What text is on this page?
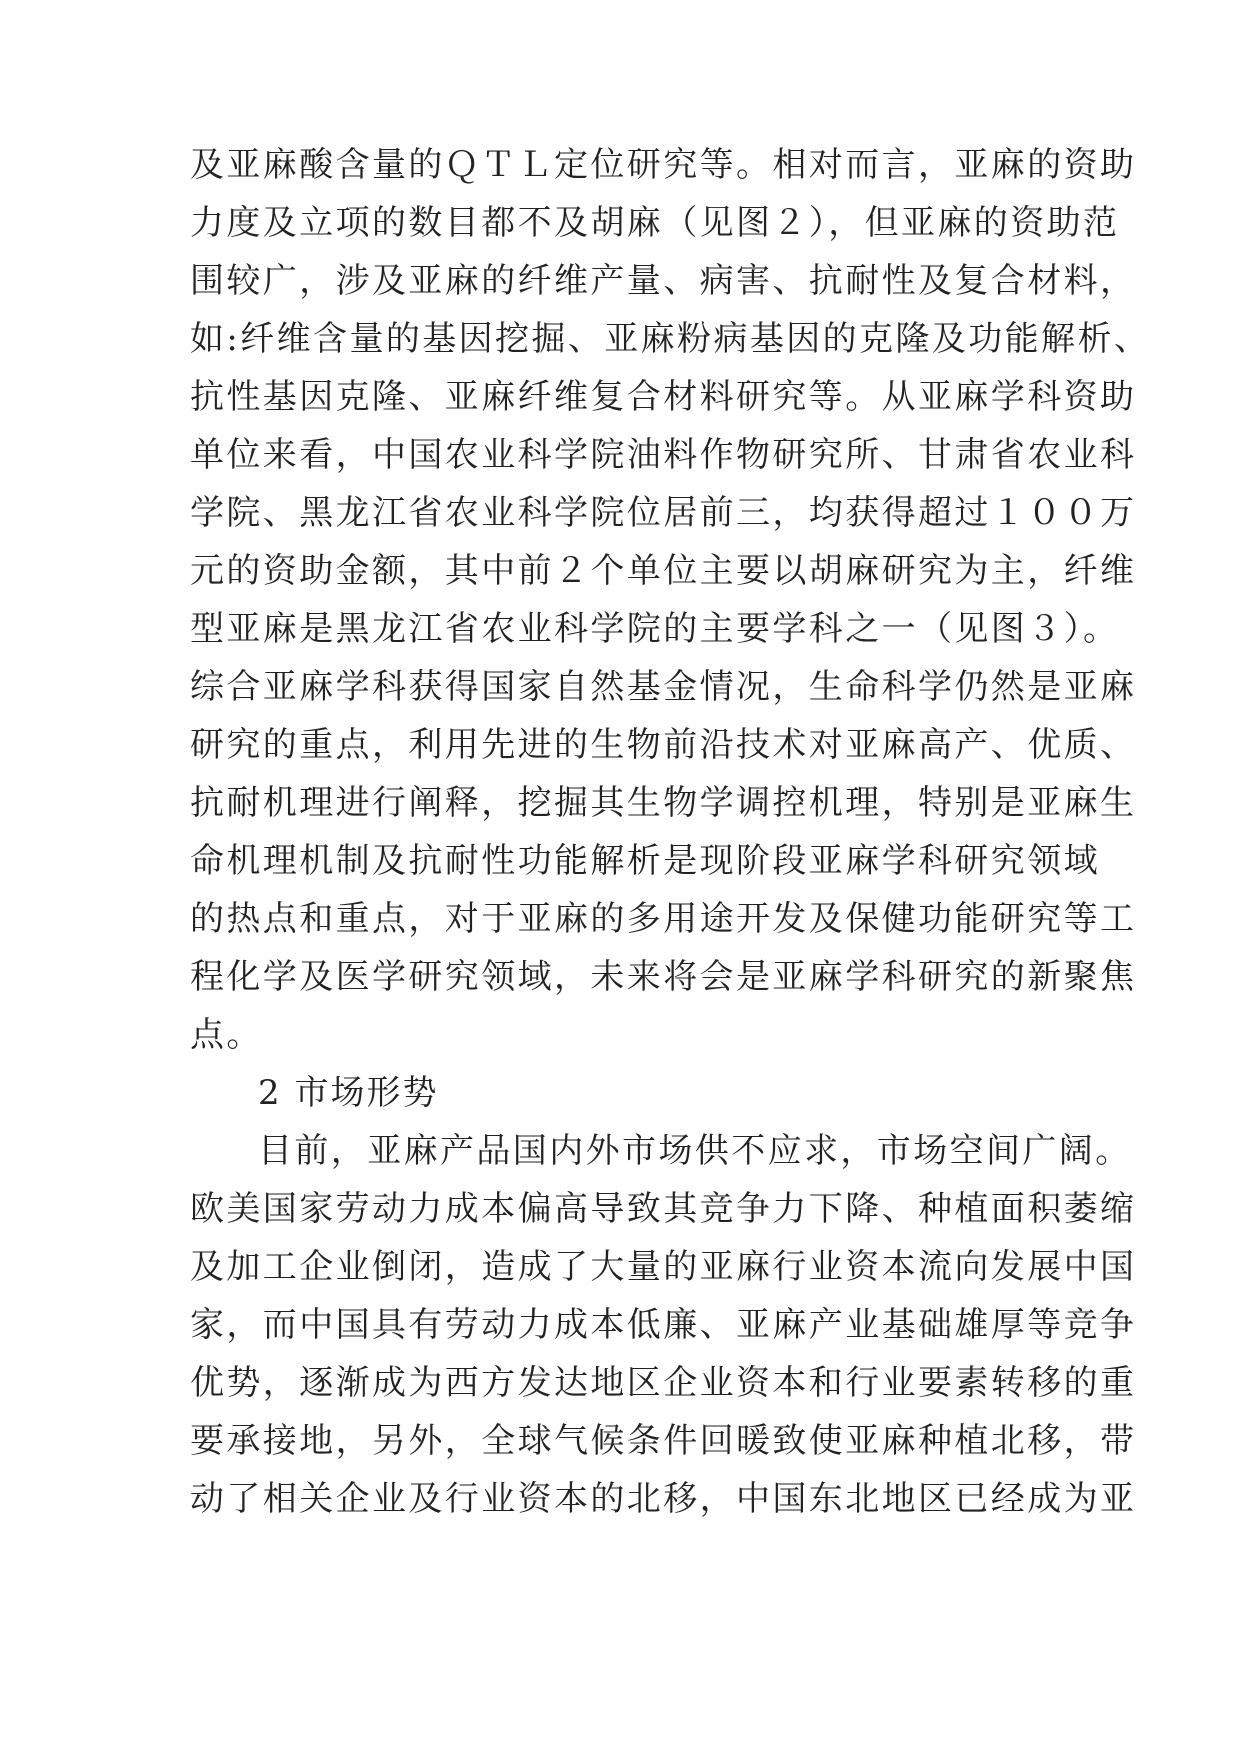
及亚麻酸含量的ＱＴＬ定位研究等。相对而言，亚麻的资助
力度及立项的数目都不及胡麻（见图２），但亚麻的资助范
围较广，涉及亚麻的纤维产量、病害、抗耐性及复合材料，
如:纤维含量的基因挖掘、亚麻粉病基因的克隆及功能解析、
抗性基因克隆、亚麻纤维复合材料研究等。从亚麻学科资助
单位来看，中国农业科学院油料作物研究所、甘肃省农业科
学院、黑龙江省农业科学院位居前三，均获得超过１００万
元的资助金额，其中前２个单位主要以胡麻研究为主，纤维
型亚麻是黑龙江省农业科学院的主要学科之一（见图３）。
综合亚麻学科获得国家自然基金情况，生命科学仍然是亚麻
研究的重点，利用先进的生物前沿技术对亚麻高产、优质、
抗耐机理进行阐释，挖掘其生物学调控机理，特别是亚麻生
命机理机制及抗耐性功能解析是现阶段亚麻学科研究领域
的热点和重点，对于亚麻的多用途开发及保健功能研究等工
程化学及医学研究领域，未来将会是亚麻学科研究的新聚焦
点。
2 市场形势
目前，亚麻产品国内外市场供不应求，市场空间广阔。
欧美国家劳动力成本偏高导致其竞争力下降、种植面积萎缩
及加工企业倒闭，造成了大量的亚麻行业资本流向发展中国
家，而中国具有劳动力成本低廉、亚麻产业基础雄厚等竞争
优势，逐渐成为西方发达地区企业资本和行业要素转移的重
要承接地，另外，全球气候条件回暖致使亚麻种植北移，带
动了相关企业及行业资本的北移，中国东北地区已经成为亚
